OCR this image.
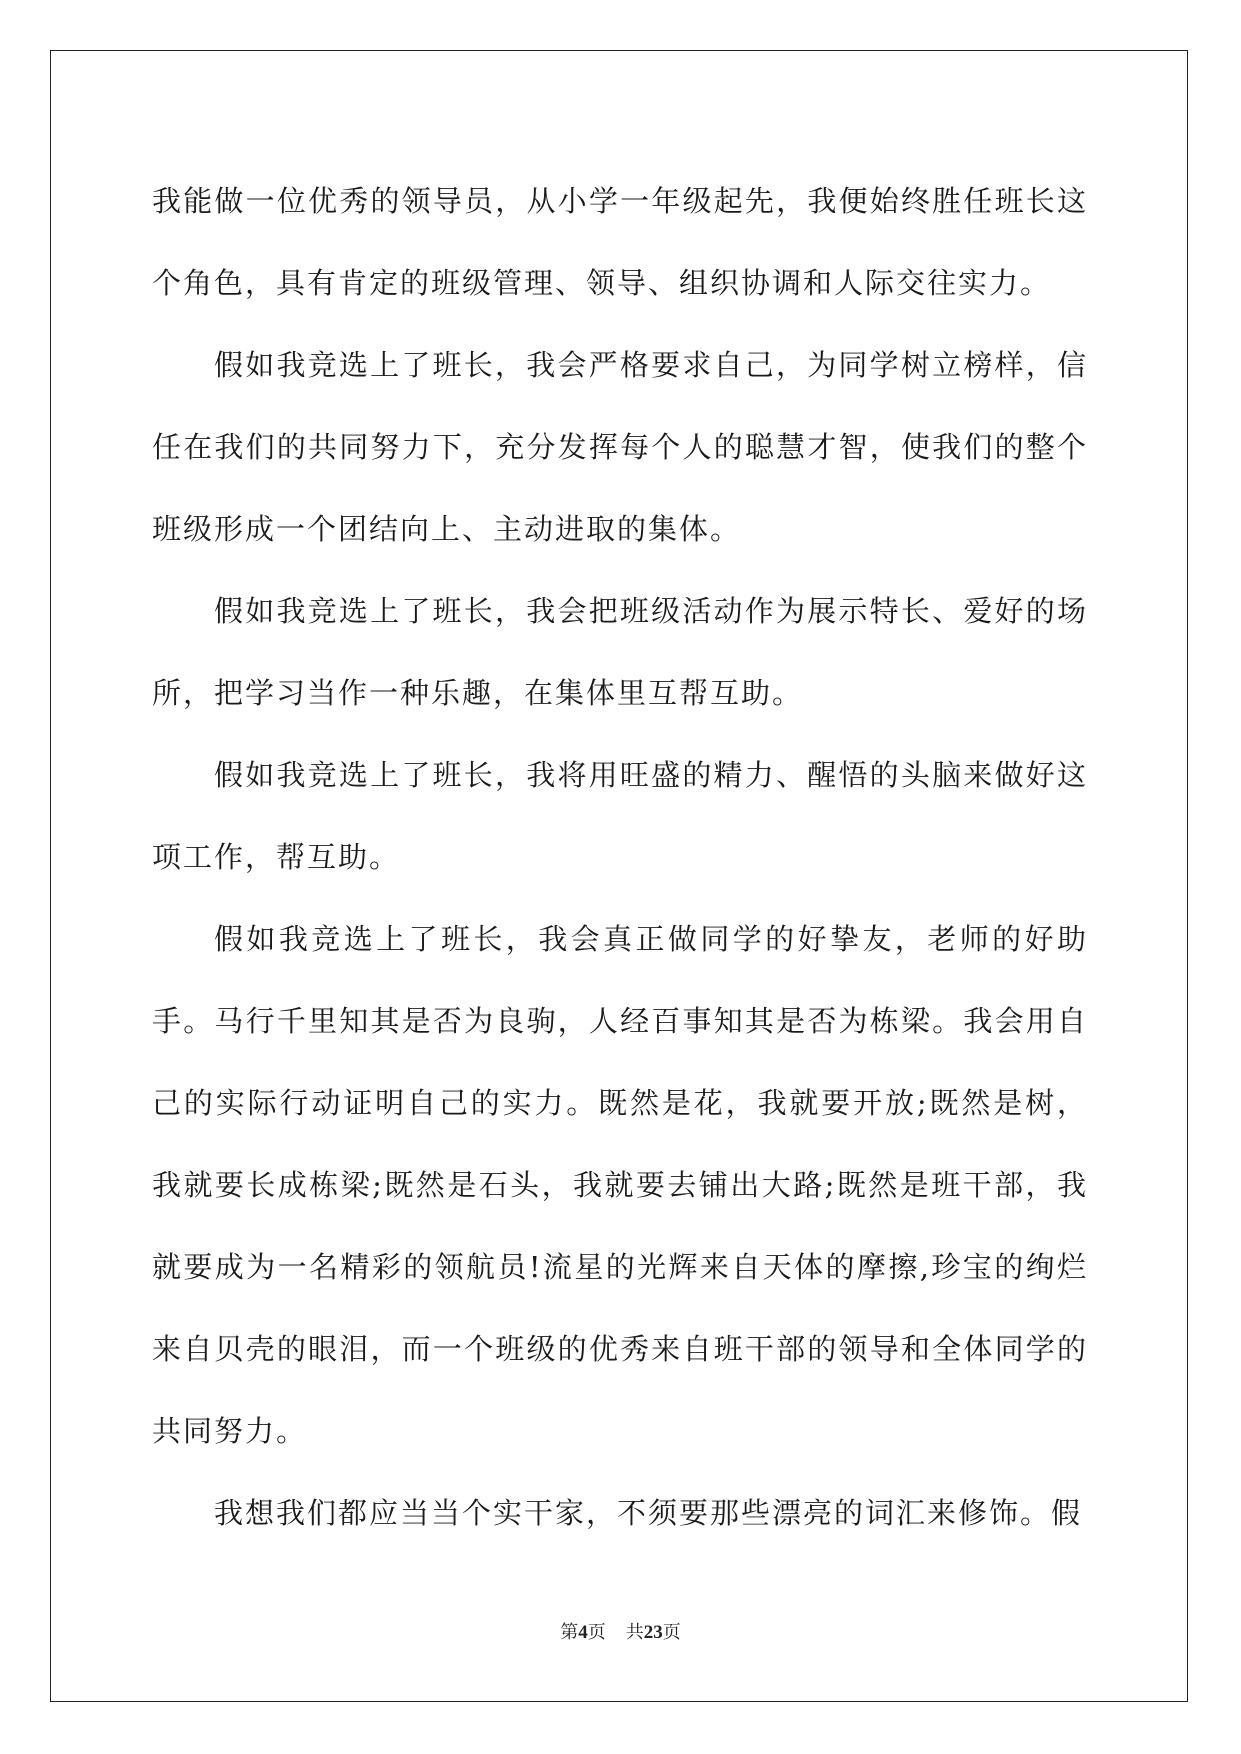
我能做一位优秀的领导员，从小学一年级起先，我便始终胜任班长这个角色，具有肯定的班级管理、领导、组织协调和人际交往实力。

假如我竞选上了班长，我会严格要求自己，为同学树立榜样，信任在我们的共同努力下，充分发挥每个人的聪慧才智，使我们的整个班级形成一个团结向上、主动进取的集体。

假如我竞选上了班长，我会把班级活动作为展示特长、爱好的场所，把学习当作一种乐趣，在集体里互帮互助。

假如我竞选上了班长，我将用旺盛的精力、醒悟的头脑来做好这项工作，帮互助。

假如我竞选上了班长，我会真正做同学的好挚友，老师的好助手。马行千里知其是否为良驹，人经百事知其是否为栋梁。我会用自己的实际行动证明自己的实力。既然是花，我就要开放;既然是树，我就要长成栋梁;既然是石头，我就要去铺出大路;既然是班干部，我就要成为一名精彩的领航员!流星的光辉来自天体的摩擦,珍宝的绚烂来自贝壳的眼泪，而一个班级的优秀来自班干部的领导和全体同学的共同努力。

我想我们都应当当个实干家，不须要那些漂亮的词汇来修饰。假

第4页 共23页
